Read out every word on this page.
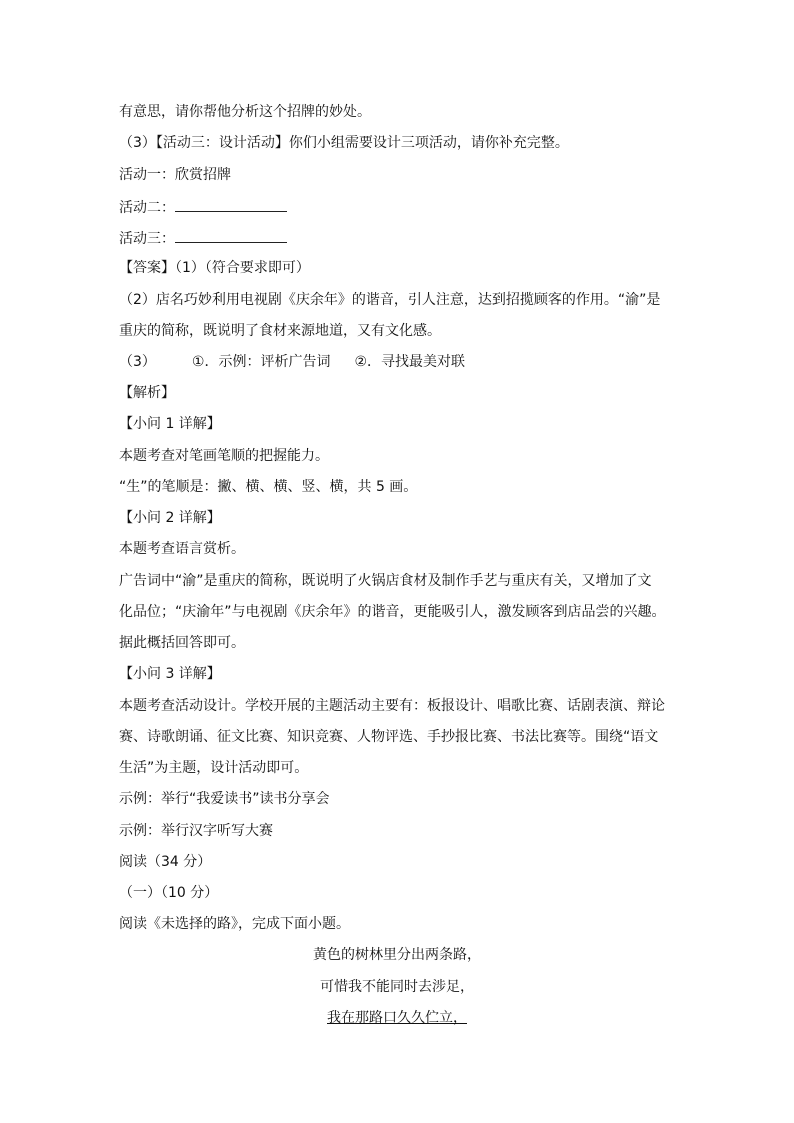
有意思，请你帮他分析这个招牌的妙处。
（3）【活动三：设计活动】你们小组需要设计三项活动，请你补充完整。
活动一：欣赏招牌
活动二：
活动三：
【答案】（1）（符合要求即可）
（2）店名巧妙利用电视剧《庆余年》的谐音，引人注意，达到招揽顾客的作用。“渝”是
重庆的简称，既说明了食材来源地道，又有文化感。
（3）	①．示例：评析广告词 ②．寻找最美对联
【解析】
【小问 1 详解】
本题考查对笔画笔顺的把握能力。
“生”的笔顺是：撇、横、横、竖、横，共 5 画。
【小问 2 详解】
本题考查语言赏析。
广告词中“渝”是重庆的简称，既说明了火锅店食材及制作手艺与重庆有关，又增加了文
化品位；“庆渝年”与电视剧《庆余年》的谐音，更能吸引人，激发顾客到店品尝的兴趣。
据此概括回答即可。
【小问 3 详解】
本题考查活动设计。学校开展的主题活动主要有：板报设计、唱歌比赛、话剧表演、辩论
赛、诗歌朗诵、征文比赛、知识竞赛、人物评选、手抄报比赛、书法比赛等。围绕“语文
生活”为主题，设计活动即可。
示例：举行“我爱读书”读书分享会
示例：举行汉字听写大赛
阅读（34 分）
（一）（10 分）
阅读《未选择的路》，完成下面小题。
黄色的树林里分出两条路，
可惜我不能同时去涉足，
我在那路口久久伫立，
